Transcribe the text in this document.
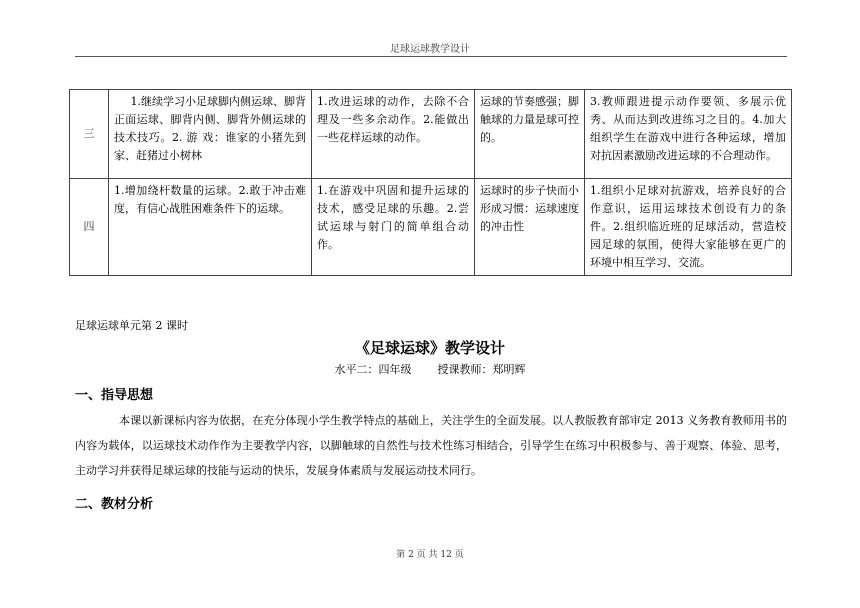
足球运球教学设计
三	1.继续学习小足球脚内侧运球、脚背正面运球、脚背内侧、脚背外侧运球的技术技巧。2. 游 戏：谁家的小猪先到家、赶猪过小树林	1.改进运球的动作，去除不合理及一些多余动作。2.能做出一些花样运球的动作。	运球的节奏感强；脚触球的力量是球可控的。	3.教师跟进提示动作要领、多展示优秀、从而达到改进练习之目的。4.加大组织学生在游戏中进行各种运球，增加对抗因素激励改进运球的不合理动作。
四	1.增加绕杆数量的运球。2.敢于冲击难度，有信心战胜困难条件下的运球。	1.在游戏中巩固和提升运球的技术，感受足球的乐趣。2.尝试运球与射门的简单组合动作。	运球时的步子快而小形成习惯：运球速度的冲击性	1.组织小足球对抗游戏，培养良好的合作意识，运用运球技术创设有力的条件。2.组织临近班的足球活动，营造校园足球的氛围，使得大家能够在更广的环境中相互学习、交流。
足球运球单元第 2 课时
《足球运球》教学设计
水平二：四年级 授课教师：郑明辉
一、指导思想
本课以新课标内容为依据，在充分体现小学生教学特点的基础上，关注学生的全面发展。以人教版教育部审定 2013 义务教育教师用书的内容为载体，以运球技术动作作为主要教学内容，以脚触球的自然性与技术性练习相结合，引导学生在练习中积极参与、善于观察、体验、思考，主动学习并获得足球运球的技能与运动的快乐，发展身体素质与发展运动技术同行。
二、教材分析
第 2 页 共 12 页
